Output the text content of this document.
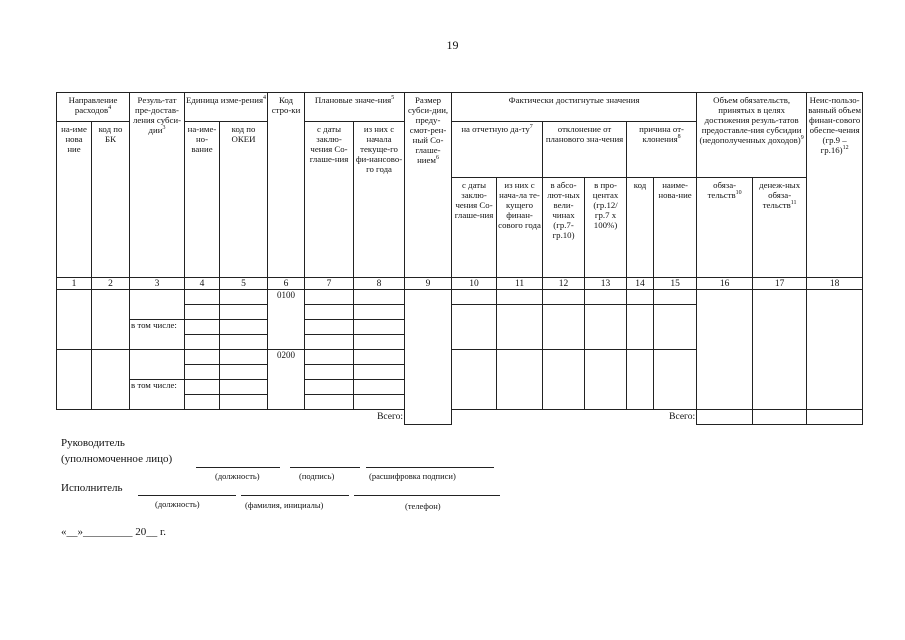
19
Направление расходов$^4$		Резуль-тат пре-достав-ления субси-дии$^3$	Единица изме-рения$^4$		Код стро-ки	Плановые значе-ния$^5$		Размер субси-дии, преду-смот-рен-ный Со-глаше-нием$^6$	Фактически достигнутые значения						Объем обязательств, принятых в целях достижения резуль-татов предоставле-ния субсидии (недополученных доходов)$^9$		Неис-пользо-ванный объем финан-сового обеспе-чения (гр.9 – гр.16)$^{12}$
на-име нова ние	код по БК		на-име-но-вание	код по ОКЕИ		с даты заклю-чения Со-глаше-ния	из них с начала текуще-го фи-нансово-го года		на отчетную $да-ту^7$		отклонение от планового зна-чения		причина от-клонения$^8$
									с даты заклю-чения Со-глаше-ния	из них с нача-ла те-кущего финан-сового года	в абсо-лют-ных вели-чинах (гр.7-гр.10)	в про-центах (гр.12/ гр.7 х 100%)	код	наиме-нова-ние	обяза-тельств$^{10}$	денеж-ных обяза-тельств$^{11}$
1	2	3	4	5	6	7	8	9	10	11	12	13	14	15	16	17	18
					0100												

		в том числе:															

					0200												

		в том числе:															

Всего:									Всего:								
Руководитель
(уполномоченное лицо)
(должность)	(подпись)	(расшифровка подписи)
Исполнитель
(должность)	(фамилия, инициалы)	(телефон)
«__»_________ 20__ г.
